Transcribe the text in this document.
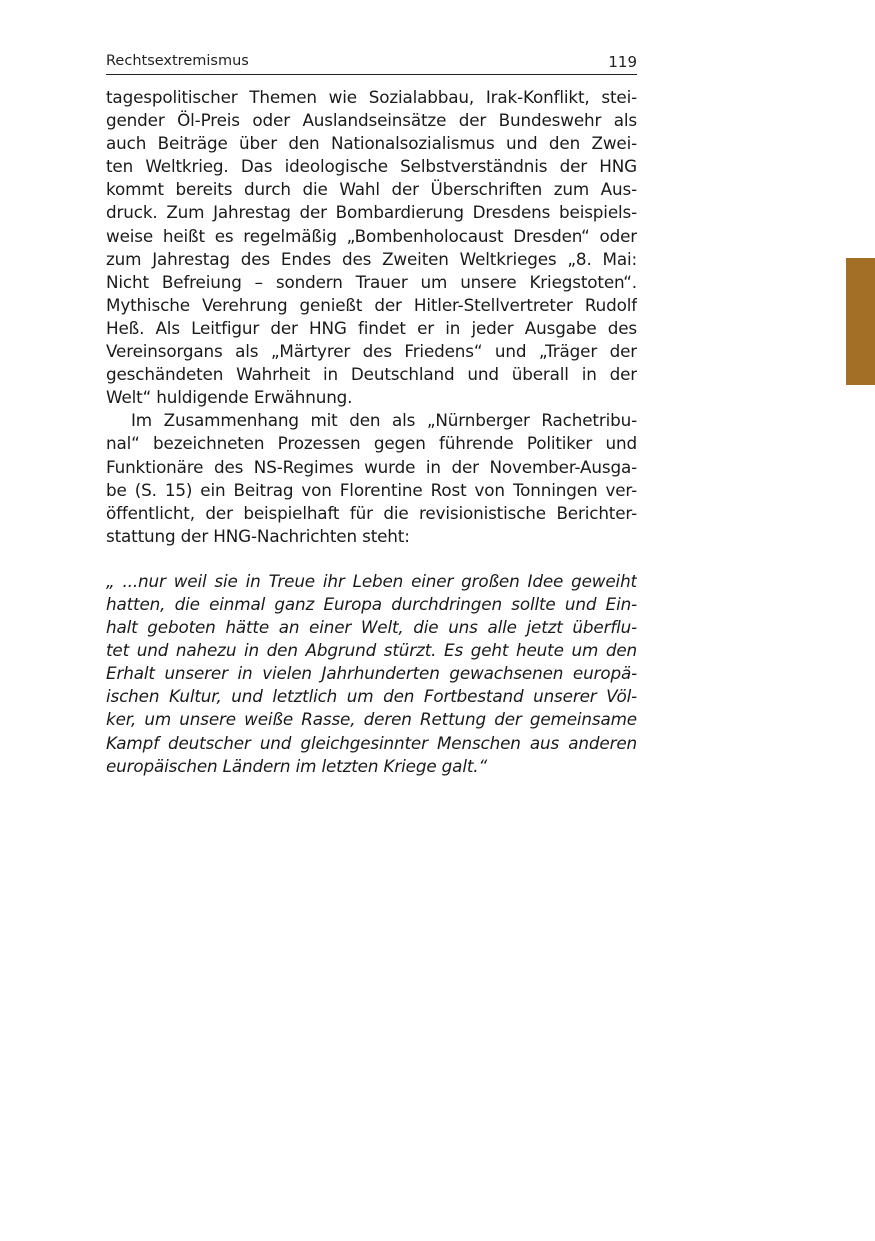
Rechtsextremismus	119
tagespolitischer Themen wie Sozialabbau, Irak-Konflikt, stei-
gender Öl-Preis oder Auslandseinsätze der Bundeswehr als
auch Beiträge über den Nationalsozialismus und den Zwei-
ten Weltkrieg. Das ideologische Selbstverständnis der HNG
kommt bereits durch die Wahl der Überschriften zum Aus-
druck. Zum Jahrestag der Bombardierung Dresdens beispiels-
weise heißt es regelmäßig „Bombenholocaust Dresden“ oder
zum Jahrestag des Endes des Zweiten Weltkrieges „8. Mai:
Nicht Befreiung – sondern Trauer um unsere Kriegstoten“.
Mythische Verehrung genießt der Hitler-Stellvertreter Rudolf
Heß. Als Leitfigur der HNG findet er in jeder Ausgabe des
Vereinsorgans als „Märtyrer des Friedens“ und „Träger der
geschändeten Wahrheit in Deutschland und überall in der
Welt“ huldigende Erwähnung.
Im Zusammenhang mit den als „Nürnberger Rachetribu-
nal“ bezeichneten Prozessen gegen führende Politiker und
Funktionäre des NS-Regimes wurde in der November-Ausga-
be (S. 15) ein Beitrag von Florentine Rost von Tonningen ver-
öffentlicht, der beispielhaft für die revisionistische Berichter-
stattung der HNG-Nachrichten steht:
„ ...nur weil sie in Treue ihr Leben einer großen Idee geweiht
hatten, die einmal ganz Europa durchdringen sollte und Ein-
halt geboten hätte an einer Welt, die uns alle jetzt überflu-
tet und nahezu in den Abgrund stürzt. Es geht heute um den
Erhalt unserer in vielen Jahrhunderten gewachsenen europä-
ischen Kultur, und letztlich um den Fortbestand unserer Völ-
ker, um unsere weiße Rasse, deren Rettung der gemeinsame
Kampf deutscher und gleichgesinnter Menschen aus anderen
europäischen Ländern im letzten Kriege galt.“
